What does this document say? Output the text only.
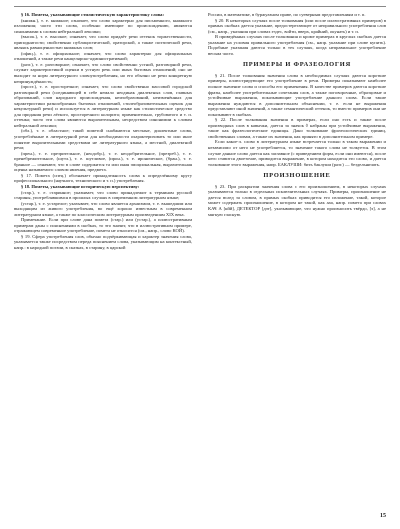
§ 16. Пометы, указывающие стилистическую характеристику слова:

(книжн.), т. е. книжное; означает, что слово характерно для письменного, книжного изложения; часто эти слова, особенно имеющие по происхождению, являются синонимами к словам нейтральной лексики;

(высок.), т. е. высокое; означает, что слово придаёт речи оттенок торжественности, приподнятости; свойственно публицистической, ораторской, а также поэтической речи, являясь равноценностью книжных слов;

(офиц.), т. е. официальное; означает, что слово характерно для официальных отношений, а также речи канцелярско-административной;

(разг.), т. е. разговорное; означает, что слово свойственно устной, разговорной речи, служит характеристикой оценки в устную речь или иных бытовых отношений; оно не выходит за норм литературного словоупотребления, но его обычно не речи конкретную непринуждённость;

(прост.), т. е. просторечное; означает, что слово свойственно массовой городской разговорной речи (соединяющей в себе немало неодинак диалектных слов, главных образований, слов народного происхождения, неизобразований, неизменённых для характеристики разнообразных бытовых отношений, стилеобразовательных оценок для некультурной речи) и используется в литературном языке как стилистическое средство для придания речи лёгкого, просторечного колорита; применительно, грубоватого и т. п. оттенка; часто эти слова являются выразительным, несредством синонимии к словам нейтральной лексики;

(обл.), т. е. областное; такой пометой снабжаются местные, диалектные слова, употреблённые в литературной речи для необходимости охарактеризовать то или иное понятие выразительными средствами не литературного языка, а местной, диалектной речи;

(прен.), т. е. презрительное, (неодобр.), т. е. неодобрительное, (презреб.), т. е. пренебрежительное, (шутл.), т. е. шутливое, (ирон.), т. е. ироническое, (бран.), т. е. бранное — означают, что в слове содержится та или иная эмоциональная, выразительная оценка называемого словом явления, предмета.

§ 17. Помета (спец.) обозначает принадлежность слова к определённому кругу профессионального (научного, технического и т. п.) употребления.

§ 18. Пометы, указывающие историческую перспективу:

(стар.), т. е. старинное; указывает, что слово принадлежит к терминам русской старины, употреблявшимся в прошлых случаях в современном литературном языке;

(устар.), т. е. устарелое; указывает, что слово является архаизмом, т. е. вышедшим или выходящим из живого употребления, во ещё хорошо известным в современном литературном языке, а также по классическим литературным произведениям XIX века.

Примечание. Если при слове дана помета (стар.) или (устар.), а иллюстративным примерам даны с пояснениями в скобках, то это значит, что в иллюстративном примере, отражающем современное употребление, помета не относится (см., напр., слово КОЙ).

§ 19. Сфера употребления слов, обычно подчёркивающая и характер значения слова, указывается также посредством переда пояснением слова, указывающим на контекстный, напр.: в народной поэзии, в сказках, в старину, в царской

России, в математике, в буржуазном праве, по суеверным представлениям и т. п.

§ 20. В некоторых случаях после толкования (или после иллюстративных примеров) в прямых скобках дается указание, предостерегающее от неправильного употребления слов (см., напр., указания при словах ездес, войти, вверх, крайний, окунать) и т. п.

В приведённых случаях после толкования и кроме примерах в круглых скобках дается указание на условия правильного употребления (см., напр. указание при слове купить). Подобные указания даются только в тех случаях, когда неправильное употребление весьма часто.

ПРИМЕРЫ И ФРАЗЕОЛОГИЯ

§ 21. После толкования значения слова в необходимых случаях даются короткие примеры, иллюстрирующие его употребление в речи. Примеры показывают наиболее полное значение слова и способы его применения. В качестве примеров даются короткие фразы, наиболее употребительные сочетания слов, а также поговорочные, образцовые и устойчивые выражения, показывающие употребление данного слова. Если такие выражения нуждаются в дополнительном объяснении, т. е. если не выражения представляют иной значений, а также семантический оттенок, то вместо примеров они не показывают в скобках.

§ 22. После толкования значения в примерах, если оно есть и также после производных слов в кавычки, дается за значок ◊ набраны при устойчивые выражения, такие как фразеологические единицы. Дано толкование фразеологических единиц, свойственных словам, а также их значения, как принято в дополнительном примере.

Если какое-л. слово в литературном языке встречается только в таком выражении и независимо от него не употребляется, то значение такого слова не толкуется. В этом случае данное слово дается как заглавное (с приведением форм, если они имеются), после него ставится двоеточие, приводится выражение, в котором находится это слово, и дается толкование этого выражения, напр. БАКЛУШИ: бить баклуши (разг.) — бездельничать.

ПРОИЗНОШЕНИЕ

§ 23. При раскрытии значения слова с его произношением, в некоторых случаях указываются только в отдельных исключительных случаях. Примеры, произношение не дается вслед за словом, в прямых скобках приводится его изложение, такой, которое может содержать произношение, в котором не такой, как ааа, напр. помета при словах КАЧ А [кйй], ДЕТЕКТОР [дэт], указывающие, что нужно произносить твёрдо, [э], а не мягкую гласную.

15
